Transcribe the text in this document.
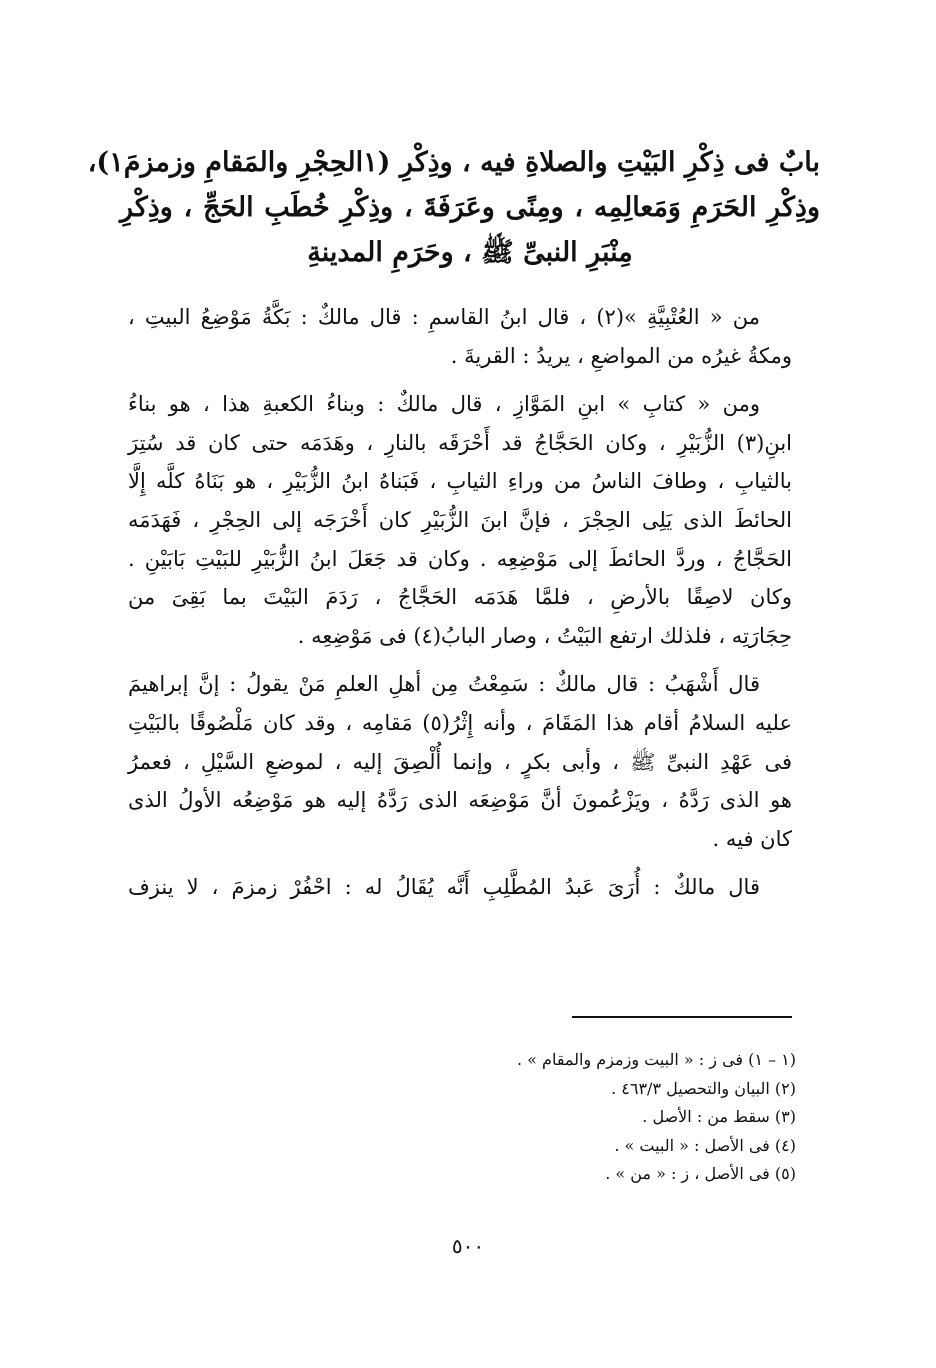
بابٌ فى ذِكْرِ البَيْتِ والصلاةِ فيه ، وذِكْرِ (١الحِجْرِ والمَقامِ وزمزمَ١)،
وذِكْرِ الحَرَمِ وَمَعالِمِه ، ومِنًى وعَرَفَةَ ، وذِكْرِ خُطَبِ الحَجِّ ، وذِكْرِ
مِنْبَرِ النبىِّ ﷺ ، وحَرَمِ المدينةِ
من « العُتْبِيَّةِ »(٢) ، قال ابنُ القاسمِ : قال مالكٌ : بَكَّةُ مَوْضِعُ البيتِ ،
ومكةُ غيرُه من المواضعِ ، يريدُ : القريةَ .
ومن « كتابِ » ابنِ المَوَّازِ ، قال مالكٌ : وبناءُ الكعبةِ هذا ، هو بناءُ
ابنِ(٣) الزُّبَيْرِ ، وكان الحَجَّاجُ قد أَحْرَقَه بالنارِ ، وهَدَمَه حتى كان قد سُتِرَ
بالثيابِ ، وطافَ الناسُ من وراءِ الثيابِ ، فَبَناهُ ابنُ الزُّبَيْرِ ، هو بَنَاهُ كلَّه إِلَّا
الحائطَ الذى يَلِى الحِجْرَ ، فإنَّ ابنَ الزُّبَيْرِ كان أَخْرَجَه إلى الحِجْرِ ، فَهَدَمَه
الحَجَّاجُ ، وردَّ الحائطَ إلى مَوْضِعِه . وكان قد جَعَلَ ابنُ الزُّبَيْرِ للبَيْتِ بَابَيْنِ .
وكان لاصِقًا بالأرضِ ، فلمَّا هَدَمَه الحَجَّاجُ ، رَدَمَ البَيْتَ بما بَقِىَ من
حِجَارَتِه ، فلذلك ارتفع البَيْتُ ، وصار البابُ(٤) فى مَوْضِعِه .
قال أَشْهَبُ : قال مالكٌ : سَمِعْتُ مِن أهلِ العلمِ مَنْ يقولُ : إنَّ إبراهيمَ
عليه السلامُ أقام هذا المَقَامَ ، وأنه إِثْرُ(٥) مَقامِه ، وقد كان مَلْصُوقًا بالبَيْتِ
فى عَهْدِ النبىِّ ﷺ ، وأبى بكرٍ ، وإنما أُلْصِقَ إليه ، لموضعِ السَّيْلِ ، فعمرُ
هو الذى رَدَّهُ ، ويَزْعُمونَ أنَّ مَوْضِعَه الذى رَدَّهُ إليه هو مَوْضِعُه الأولُ الذى
كان فيه .
قال مالكٌ : أُرَىَ عَبدُ المُطَّلِبِ أَنَّه يُقَالُ له : احْفُرْ زمزمَ ، لا ينزف
(١ – ١) فى ز : « البيت وزمزم والمقام » .
(٢) البيان والتحصيل ٤٦٣/٣ .
(٣) سقط من : الأصل .
(٤) فى الأصل : « البيت » .
(٥) فى الأصل ، ز : « من » .
٥٠٠
